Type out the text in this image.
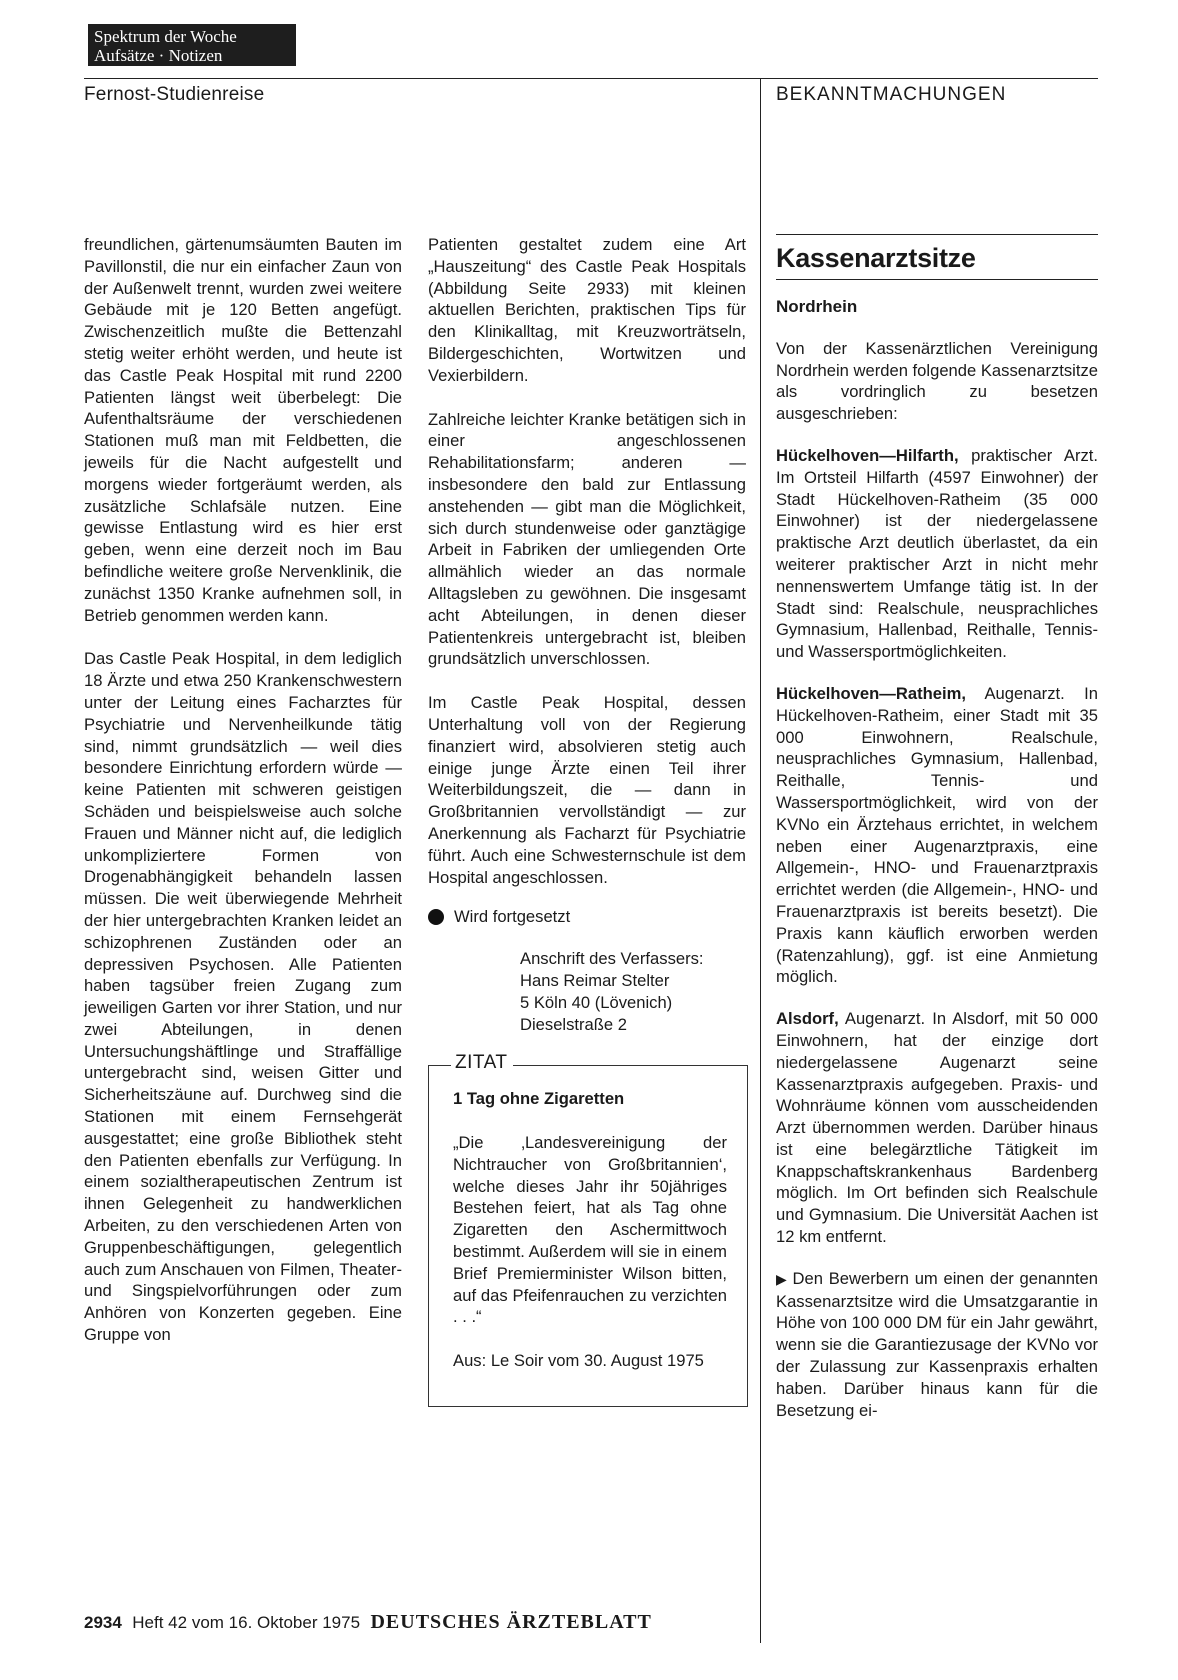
Spektrum der Woche
Aufsätze · Notizen
Fernost-Studienreise	BEKANNTMACHUNGEN

freundlichen, gärtenumsäumten Bauten im Pavillonstil, die nur ein einfacher Zaun von der Außenwelt trennt, wurden zwei weitere Gebäude mit je 120 Betten angefügt. Zwischenzeitlich mußte die Bettenzahl stetig weiter erhöht werden, und heute ist das Castle Peak Hospital mit rund 2200 Patienten längst weit überbelegt: Die Aufenthaltsräume der verschiedenen Stationen muß man mit Feldbetten, die jeweils für die Nacht aufgestellt und morgens wieder fortgeräumt werden, als zusätzliche Schlafsäle nutzen. Eine gewisse Entlastung wird es hier erst geben, wenn eine derzeit noch im Bau befindliche weitere große Nervenklinik, die zunächst 1350 Kranke aufnehmen soll, in Betrieb genommen werden kann.

Das Castle Peak Hospital, in dem lediglich 18 Ärzte und etwa 250 Krankenschwestern unter der Leitung eines Facharztes für Psychiatrie und Nervenheilkunde tätig sind, nimmt grundsätzlich — weil dies besondere Einrichtung erfordern würde — keine Patienten mit schweren geistigen Schäden und beispielsweise auch solche Frauen und Männer nicht auf, die lediglich unkompliziertere Formen von Drogenabhängigkeit behandeln lassen müssen. Die weit überwiegende Mehrheit der hier untergebrachten Kranken leidet an schizophrenen Zuständen oder an depressiven Psychosen. Alle Patienten haben tagsüber freien Zugang zum jeweiligen Garten vor ihrer Station, und nur zwei Abteilungen, in denen Untersuchungshäftlinge und Straffällige untergebracht sind, weisen Gitter und Sicherheitszäune auf. Durchweg sind die Stationen mit einem Fernsehgerät ausgestattet; eine große Bibliothek steht den Patienten ebenfalls zur Verfügung. In einem sozialtherapeutischen Zentrum ist ihnen Gelegenheit zu handwerklichen Arbeiten, zu den verschiedenen Arten von Gruppenbeschäftigungen, gelegentlich auch zum Anschauen von Filmen, Theater- und Singspielvorführungen oder zum Anhören von Konzerten gegeben. Eine Gruppe von

Patienten gestaltet zudem eine Art „Hauszeitung“ des Castle Peak Hospitals (Abbildung Seite 2933) mit kleinen aktuellen Berichten, praktischen Tips für den Klinikalltag, mit Kreuzworträtseln, Bildergeschichten, Wortwitzen und Vexierbildern.

Zahlreiche leichter Kranke betätigen sich in einer angeschlossenen Rehabilitationsfarm; anderen — insbesondere den bald zur Entlassung anstehenden — gibt man die Möglichkeit, sich durch stundenweise oder ganztägige Arbeit in Fabriken der umliegenden Orte allmählich wieder an das normale Alltagsleben zu gewöhnen. Die insgesamt acht Abteilungen, in denen dieser Patientenkreis untergebracht ist, bleiben grundsätzlich unverschlossen.

Im Castle Peak Hospital, dessen Unterhaltung voll von der Regierung finanziert wird, absolvieren stetig auch einige junge Ärzte einen Teil ihrer Weiterbildungszeit, die — dann in Großbritannien vervollständigt — zur Anerkennung als Facharzt für Psychiatrie führt. Auch eine Schwesternschule ist dem Hospital angeschlossen.

Wird fortgesetzt
Anschrift des Verfassers:
Hans Reimar Stelter
5 Köln 40 (Lövenich)
Dieselstraße 2
ZITAT

1 Tag ohne Zigaretten

„Die ‚Landesvereinigung der Nichtraucher von Großbritannien‘, welche dieses Jahr ihr 50jähriges Bestehen feiert, hat als Tag ohne Zigaretten den Aschermittwoch bestimmt. Außerdem will sie in einem Brief Premierminister Wilson bitten, auf das Pfeifenrauchen zu verzichten . . .“

Aus: Le Soir vom 30. August 1975

Kassenarztsitze
Nordrhein

Von der Kassenärztlichen Vereinigung Nordrhein werden folgende Kassenarztsitze als vordringlich zu besetzen ausgeschrieben:

Hückelhoven—Hilfarth, praktischer Arzt. Im Ortsteil Hilfarth (4597 Einwohner) der Stadt Hückelhoven-Ratheim (35 000 Einwohner) ist der niedergelassene praktische Arzt deutlich überlastet, da ein weiterer praktischer Arzt in nicht mehr nennenswertem Umfange tätig ist. In der Stadt sind: Realschule, neusprachliches Gymnasium, Hallenbad, Reithalle, Tennis- und Wassersportmöglichkeiten.

Hückelhoven—Ratheim, Augenarzt. In Hückelhoven-Ratheim, einer Stadt mit 35 000 Einwohnern, Realschule, neusprachliches Gymnasium, Hallenbad, Reithalle, Tennis- und Wassersportmöglichkeit, wird von der KVNo ein Ärztehaus errichtet, in welchem neben einer Augenarztpraxis, eine Allgemein-, HNO- und Frauenarztpraxis errichtet werden (die Allgemein-, HNO- und Frauenarztpraxis ist bereits besetzt). Die Praxis kann käuflich erworben werden (Ratenzahlung), ggf. ist eine Anmietung möglich.

Alsdorf, Augenarzt. In Alsdorf, mit 50 000 Einwohnern, hat der einzige dort niedergelassene Augenarzt seine Kassenarztpraxis aufgegeben. Praxis- und Wohnräume können vom ausscheidenden Arzt übernommen werden. Darüber hinaus ist eine belegärztliche Tätigkeit im Knappschaftskrankenhaus Bardenberg möglich. Im Ort befinden sich Realschule und Gymnasium. Die Universität Aachen ist 12 km entfernt.

▶ Den Bewerbern um einen der genannten Kassenarztsitze wird die Umsatzgarantie in Höhe von 100 000 DM für ein Jahr gewährt, wenn sie die Garantiezusage der KVNo vor der Zulassung zur Kassenpraxis erhalten haben. Darüber hinaus kann für die Besetzung ei-

2934 Heft 42 vom 16. Oktober 1975 DEUTSCHES ÄRZTEBLATT
